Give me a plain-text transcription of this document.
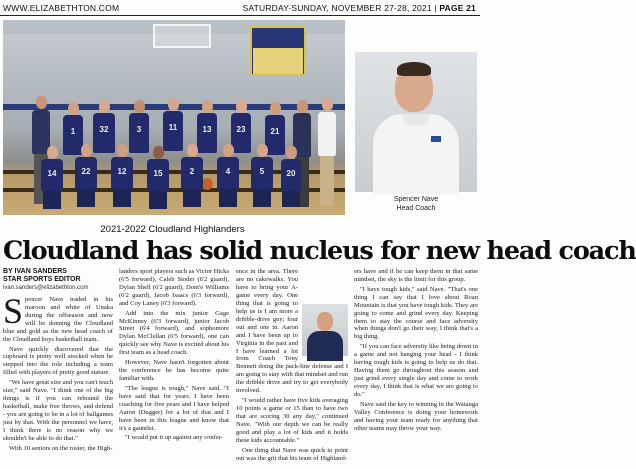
WWW.ELIZABETHTON.COM	SATURDAY-SUNDAY, NOVEMBER 27-28, 2021 | PAGE 21
1	32	3	11	13	23	21
22	12	15	2	4	5
14	20
Spencer Nave
Head Coach
2021-2022 Cloudland Highlanders
Cloudland has solid nucleus for new head coach
BY IVAN SANDERS
STAR SPORTS EDITOR
ivan.sanders@elizabethton.com

Spencer Nave traded in his maroon and white of Unaka during the offseason and now will be donning the Cloudland blue and gold as the new head coach of the Cloudland boys basketball team.

Nave quickly discovered that the cupboard is pretty well stocked when he stepped into the role including a team filled with players of pretty good stature.

"We have great size and you can't teach size," said Nave. "I think one of the big things is if you can rebound the basketball, make free throws, and defend - you are going to be in a lot of ballgames just by that. With the personnel we have, I think there is no reason why we shouldn't be able to do that."

With 10 seniors on the roster, the High-

landers sport players such as Victor Hicks (6'5 forward), Caleb Stoder (6'2 guard), Dylan Shell (6'2 guard), Dont'e Williams (6'2 guard), Jacob Isaacs (6'3 forward), and Coy Laney (6'3 forward).

Add into the mix junior Gage McKinney (6'3 forward), junior Jacob Street (6'4 forward), and sophomore Dylan McClellan (6'5 forward), one can quickly see why Nave is excited about his first team as a head coach.

However, Nave hasn't forgotten about the conference he has become quite familiar with.

"The league is tough," Nave said. "I have said that for years. I have been coaching for five years and I have helped Aaron (Dugger) for a lot of that and I have been in this league and know that it's a gauntlet.

"I would put it up against any confer-

ence in the area. There are no cakewalks. You have to bring your A-game every day. One thing that is going to help us is I am more a dribble-drive guy; four out and one in. Aaron and I have been up to Virginia in the past and I have learned a lot from Coach Tony Bennett doing the pack-line defense and I am going to stay with that mindset and run the dribble drive and try to get everybody involved.

"I would rather have five kids averaging 10 points a game or 15 than to have two that are scoring 30 any day," continued Nave. "With our depth we can be really good and play a lot of kids and it holds these kids accountable."

One thing that Nave was quick to point out was the grit that his team of Highland-

ers have and if he can keep them in that same mindset, the sky is the limit for this group.

"I have tough kids," said Nave. "That's one thing I can say that I love about Roan Mountain is that you have tough kids. They are going to come and grind every day. Keeping them to stay the course and face adversity when things don't go their way, I think that's a big thing.

"If you can face adversity like being down in a game and not hanging your head - I think having tough kids is going to help us do that. Having them go throughout this season and just grind every single day and come to work every day, I think that is what we are going to do."

Nave said the key to winning in the Watauga Valley Conference is doing your homework and having your team ready for anything that other teams may throw your way.
